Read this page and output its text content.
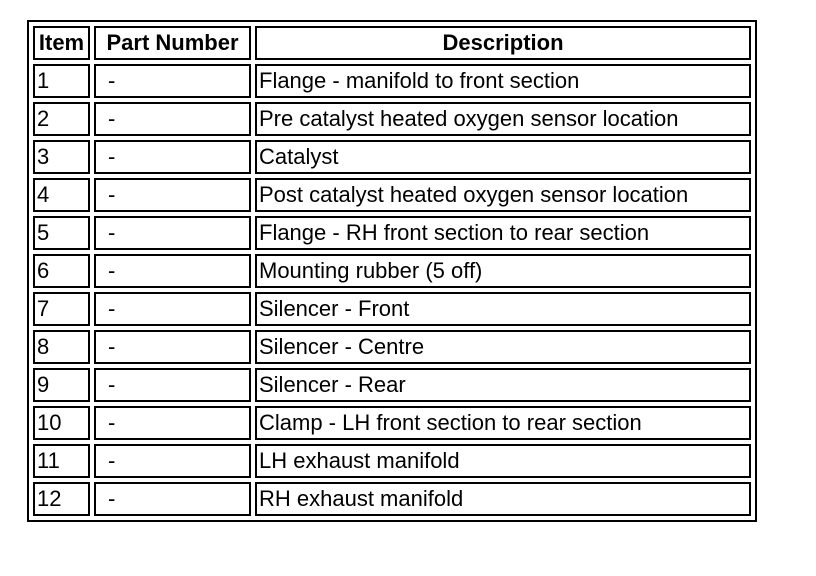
Item	Part Number	Description
1	-	Flange - manifold to front section
2	-	Pre catalyst heated oxygen sensor location
3	-	Catalyst
4	-	Post catalyst heated oxygen sensor location
5	-	Flange - RH front section to rear section
6	-	Mounting rubber (5 off)
7	-	Silencer - Front
8	-	Silencer - Centre
9	-	Silencer - Rear
10	-	Clamp - LH front section to rear section
11	-	LH exhaust manifold
12	-	RH exhaust manifold
